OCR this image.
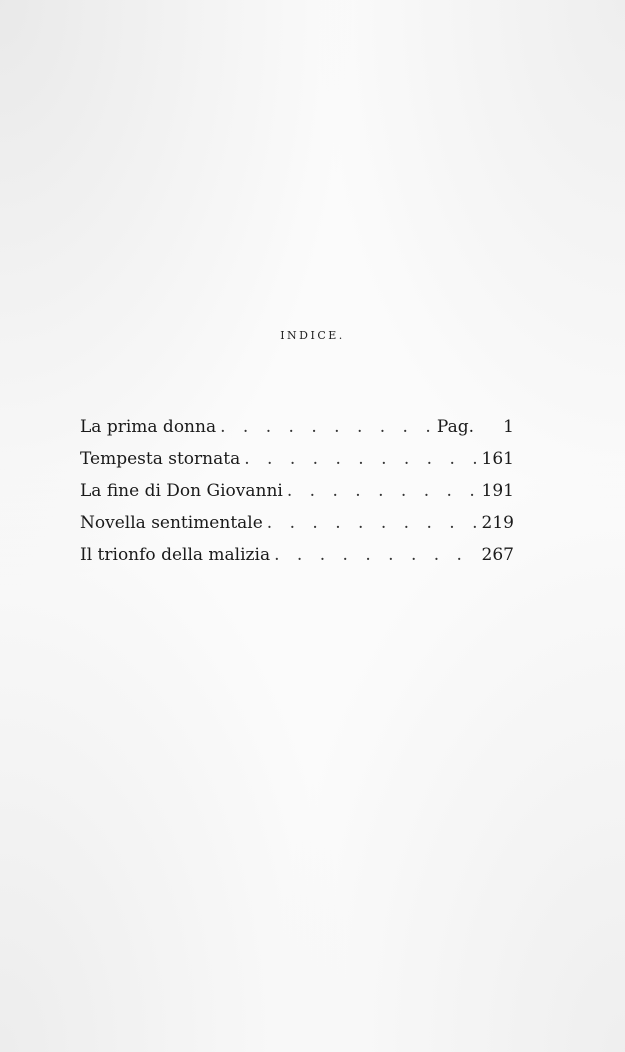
INDICE.
La prima donna . . .	Pag.	1
Tempesta stornata . . .	161
La fine di Don Giovanni . . .	191
Novella sentimentale . . .	219
Il trionfo della malizia . . .	267
